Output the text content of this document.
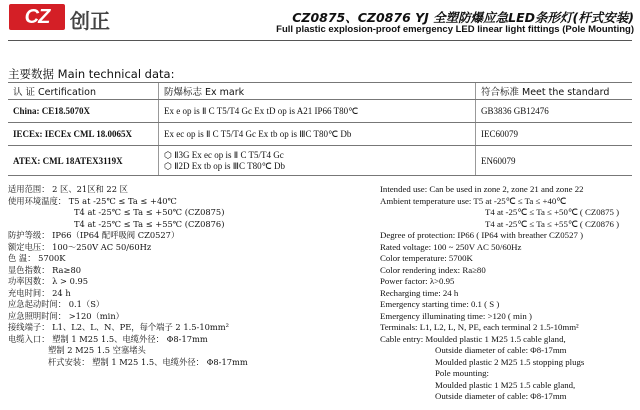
CZ	创正	CZ0875、CZ0876 YJ 全塑防爆应急LED条形灯(杆式安装)
Full plastic explosion-proof emergency LED linear light fittings (Pole Mounting)
主要数据 Main technical data:
认 证 Certification	防爆标志 Ex mark	符合标准 Meet the standard
China: CE18.5070X	Ex e op is Ⅱ C T5/T4 Gc Ex tD op is A21 IP66 T80℃	GB3836 GB12476
IECEx: IECEx CML 18.0065X	Ex ec op is Ⅱ C T5/T4 Gc Ex tb op is ⅢC T80℃ Db	IEC60079
ATEX: CML 18ATEX3119X	⬡ Ⅱ3G Ex ec op is Ⅱ C T5/T4 Gc
⬡ Ⅱ2D Ex tb op is ⅢC T80℃ Db	EN60079
适用范围： 2 区、21区和 22 区
使用环境温度： T5 at -25℃ ≤ Ta ≤ +40℃
T4 at -25℃ ≤ Ta ≤ +50℃ (CZ0875)
T4 at -25℃ ≤ Ta ≤ +55℃ (CZ0876)
防护等级： IP66（IP64 配呼吸阀 CZ0527）
额定电压： 100～250V AC 50/60Hz
色 温： 5700K
显色指数： Ra≥80
功率因数： λ > 0.95
充电时间： 24 h
应急起动时间： 0.1（S）
应急照明时间： >120（min）
接线端子： L1、L2、L、N、PE，每个端子 2 1.5-10mm²
电缆入口： 塑制 1 M25 1.5、电缆外径： Φ8-17mm
塑制 2 M25 1.5 空塞堵头
杆式安装： 塑制 1 M25 1.5、电缆外径： Φ8-17mm
Intended use: Can be used in zone 2, zone 21 and zone 22
Ambient temperature use: T5 at -25℃ ≤ Ta ≤ +40℃
T4 at -25℃ ≤ Ta ≤ +50℃ ( CZ0875 )
T4 at -25℃ ≤ Ta ≤ +55℃ ( CZ0876 )
Degree of protection: IP66 ( IP64 with breather CZ0527 )
Rated voltage: 100 ~ 250V AC 50/60Hz
Color temperature: 5700K
Color rendering index: Ra≥80
Power factor: λ>0.95
Recharging time: 24 h
Emergency starting time: 0.1 ( S )
Emergency illuminating time: >120 ( min )
Terminals: L1, L2, L, N, PE, each terminal 2 1.5-10mm²
Cable entry: Moulded plastic 1 M25 1.5 cable gland,
Outside diameter of cable: Φ8-17mm
Moulded plastic 2 M25 1.5 stopping plugs
Pole mounting:
Moulded plastic 1 M25 1.5 cable gland,
Outside diameter of cable: Φ8-17mm
